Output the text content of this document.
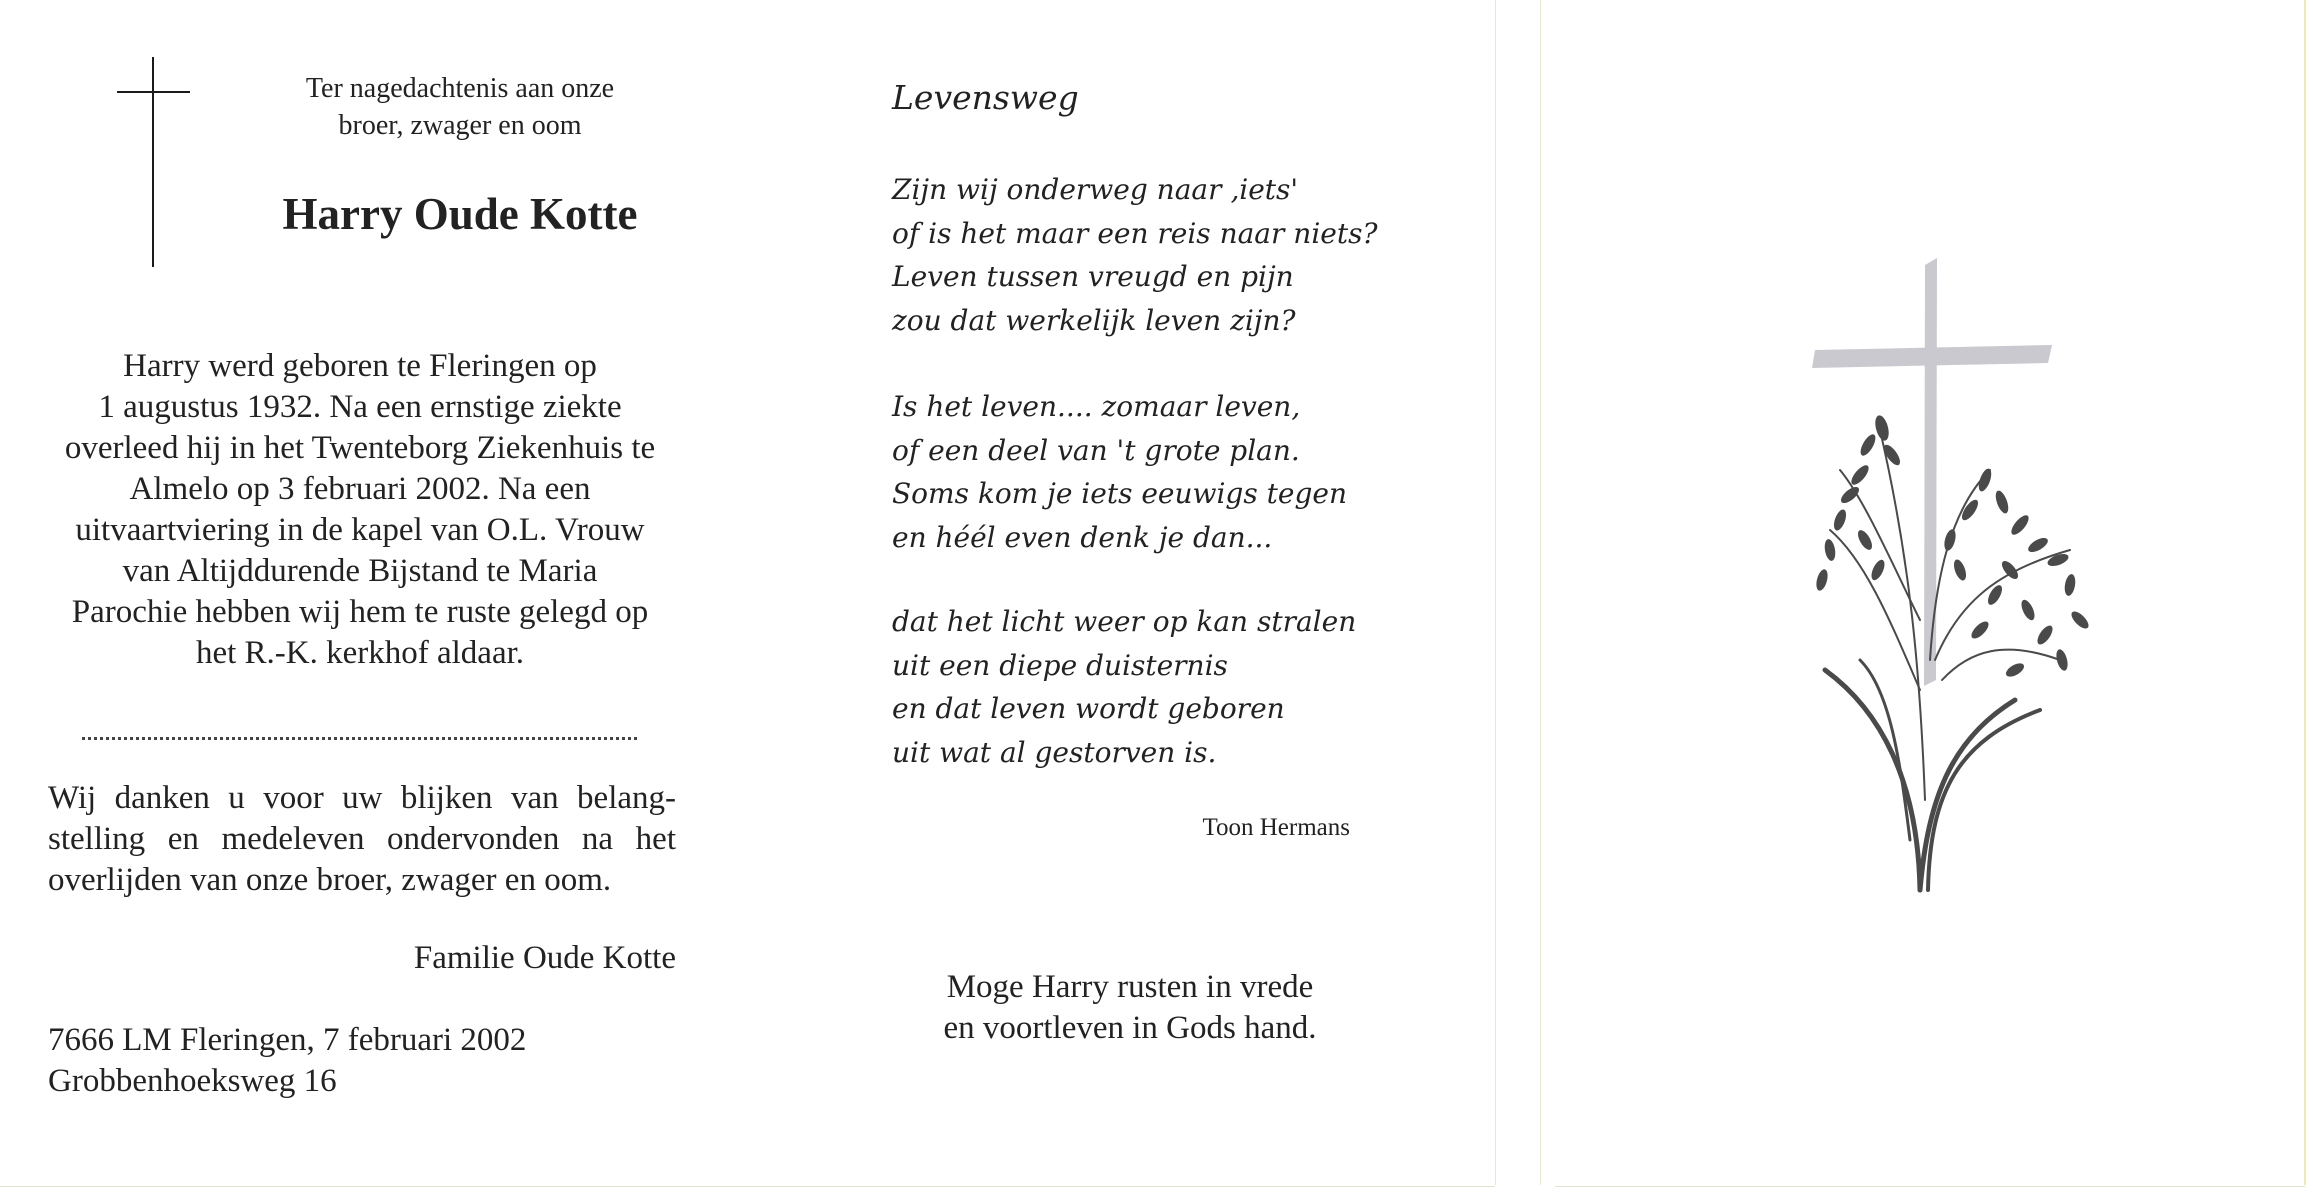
Ter nagedachtenis aan onze

broer, zwager en oom

Harry Oude Kotte

Harry werd geboren te Fleringen op

1 augustus 1932. Na een ernstige ziekte

overleed hij in het Twenteborg Ziekenhuis te

Almelo op 3 februari 2002. Na een

uitvaartviering in de kapel van O.L. Vrouw

van Altijddurende Bijstand te Maria

Parochie hebben wij hem te ruste gelegd op

het R.-K. kerkhof aldaar.

Wij danken u voor uw blijken van belang-

stelling en medeleven ondervonden na het

overlijden van onze broer, zwager en oom.

Familie Oude Kotte

7666 LM Fleringen, 7 februari 2002

Grobbenhoeksweg 16

Levensweg

Zijn wij onderweg naar ‚iets'

of is het maar een reis naar niets?

Leven tussen vreugd en pijn

zou dat werkelijk leven zijn?

Is het leven.... zomaar leven,

of een deel van 't grote plan.

Soms kom je iets eeuwigs tegen

en héél even denk je dan...

dat het licht weer op kan stralen

uit een diepe duisternis

en dat leven wordt geboren

uit wat al gestorven is.

Toon Hermans

Moge Harry rusten in vrede

en voortleven in Gods hand.
